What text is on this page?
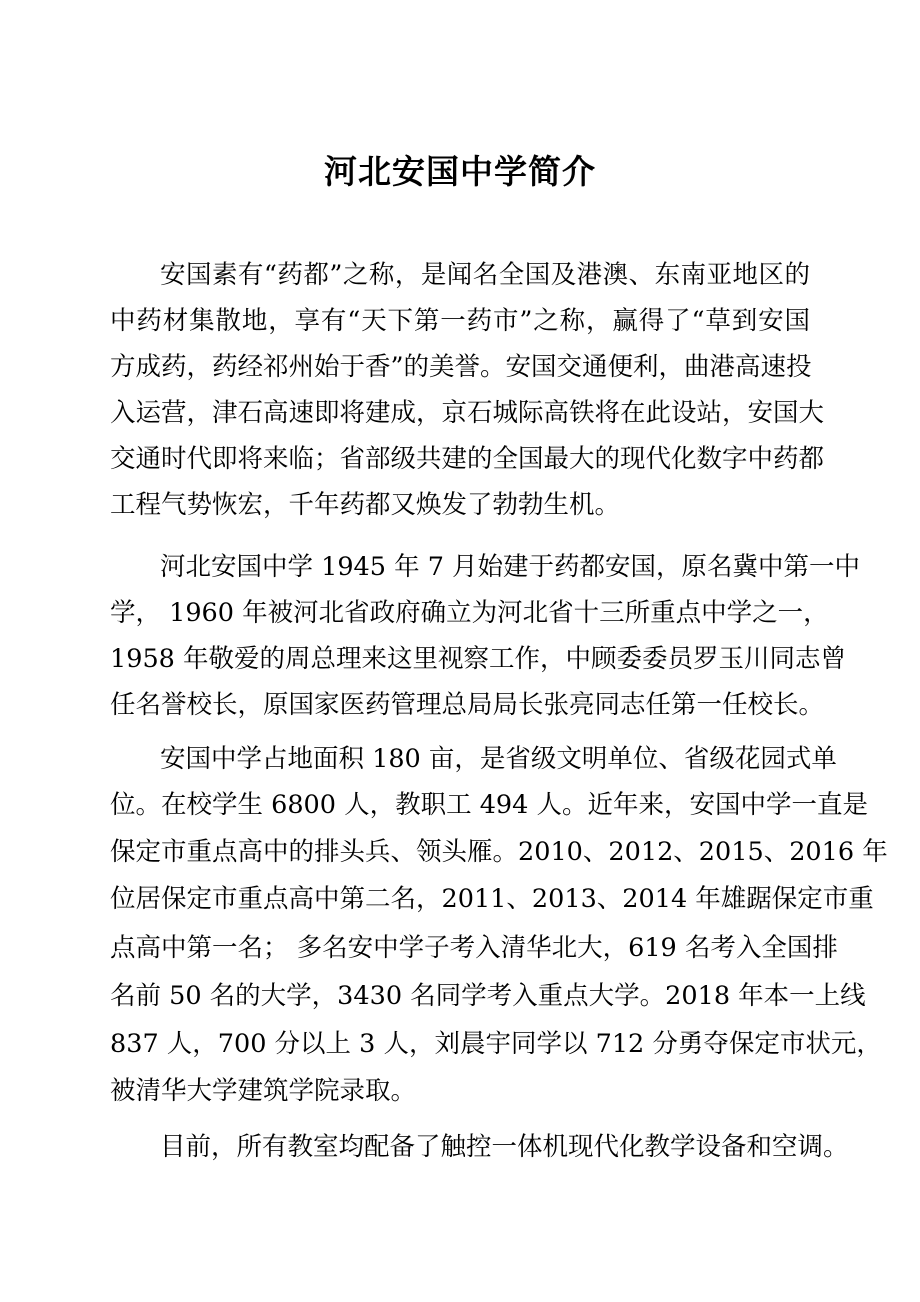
河北安国中学简介
安国素有“药都”之称，是闻名全国及港澳、东南亚地区的
中药材集散地，享有“天下第一药市”之称，赢得了“草到安国
方成药，药经祁州始于香”的美誉。安国交通便利，曲港高速投
入运营，津石高速即将建成，京石城际高铁将在此设站，安国大
交通时代即将来临；省部级共建的全国最大的现代化数字中药都
工程气势恢宏，千年药都又焕发了勃勃生机。
河北安国中学 1945 年 7 月始建于药都安国，原名冀中第一中
学， 1960 年被河北省政府确立为河北省十三所重点中学之一，
1958 年敬爱的周总理来这里视察工作，中顾委委员罗玉川同志曾
任名誉校长，原国家医药管理总局局长张亮同志任第一任校长。
安国中学占地面积 180 亩，是省级文明单位、省级花园式单
位。在校学生 6800 人，教职工 494 人。近年来，安国中学一直是
保定市重点高中的排头兵、领头雁。2010、2012、2015、2016 年
位居保定市重点高中第二名，2011、2013、2014 年雄踞保定市重
点高中第一名； 多名安中学子考入清华北大，619 名考入全国排
名前 50 名的大学，3430 名同学考入重点大学。2018 年本一上线
837 人，700 分以上 3 人，刘晨宇同学以 712 分勇夺保定市状元，
被清华大学建筑学院录取。
目前，所有教室均配备了触控一体机现代化教学设备和空调。
